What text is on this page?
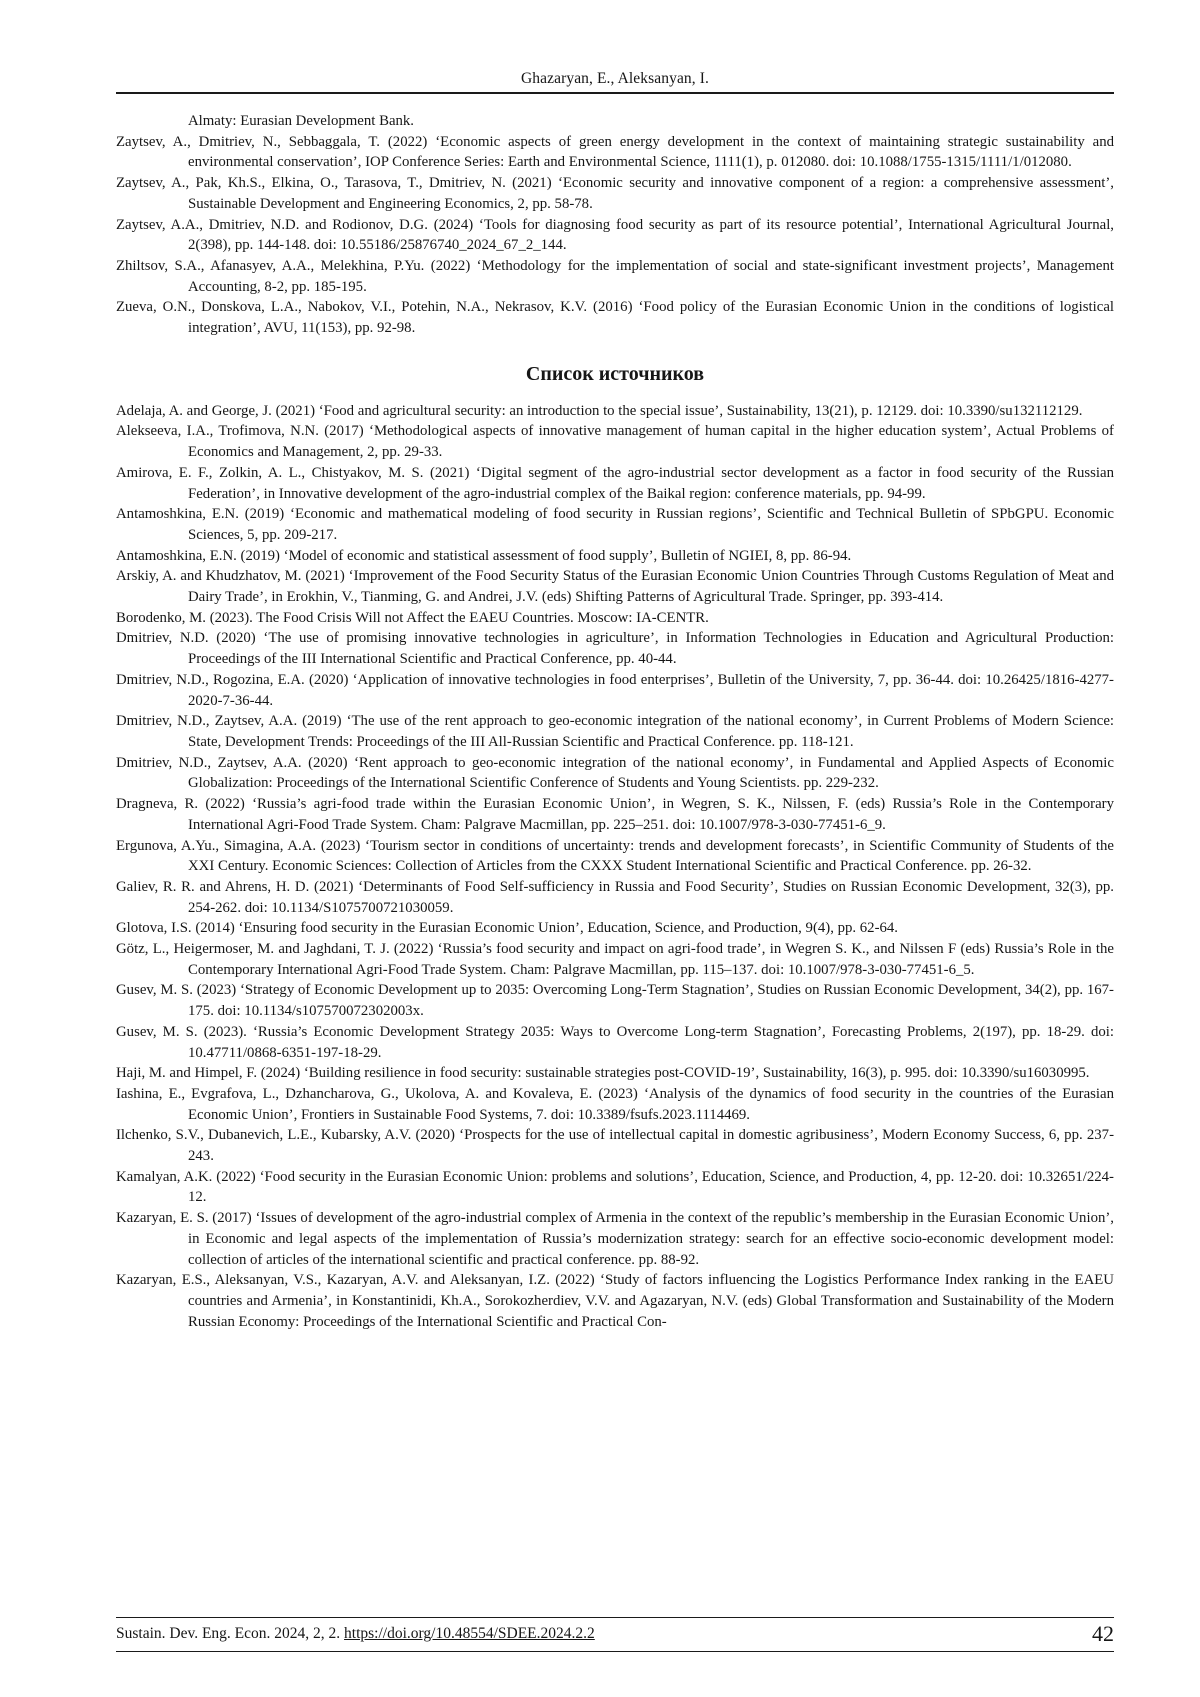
Ghazaryan, E., Aleksanyan, I.

Almaty: Eurasian Development Bank.

Zaytsev, A., Dmitriev, N., Sebbaggala, T. (2022) ‘Economic aspects of green energy development in the context of maintaining strategic sustainability and environmental conservation’, IOP Conference Series: Earth and Environmental Science, 1111(1), p. 012080. doi: 10.1088/1755-1315/1111/1/012080.

Zaytsev, A., Pak, Kh.S., Elkina, O., Tarasova, T., Dmitriev, N. (2021) ‘Economic security and innovative component of a region: a comprehensive assessment’, Sustainable Development and Engineering Economics, 2, pp. 58-78.

Zaytsev, A.A., Dmitriev, N.D. and Rodionov, D.G. (2024) ‘Tools for diagnosing food security as part of its resource potential’, International Agricultural Journal, 2(398), pp. 144-148. doi: 10.55186/25876740_2024_67_2_144.

Zhiltsov, S.A., Afanasyev, A.A., Melekhina, P.Yu. (2022) ‘Methodology for the implementation of social and state-significant investment projects’, Management Accounting, 8-2, pp. 185-195.

Zueva, O.N., Donskova, L.A., Nabokov, V.I., Potehin, N.A., Nekrasov, K.V. (2016) ‘Food policy of the Eurasian Economic Union in the conditions of logistical integration’, AVU, 11(153), pp. 92-98.

Список источников

Adelaja, A. and George, J. (2021) ‘Food and agricultural security: an introduction to the special issue’, Sustainability, 13(21), p. 12129. doi: 10.3390/su132112129.

Alekseeva, I.A., Trofimova, N.N. (2017) ‘Methodological aspects of innovative management of human capital in the higher education system’, Actual Problems of Economics and Management, 2, pp. 29-33.

Amirova, E. F., Zolkin, A. L., Chistyakov, M. S. (2021) ‘Digital segment of the agro-industrial sector development as a factor in food security of the Russian Federation’, in Innovative development of the agro-industrial complex of the Baikal region: conference materials, pp. 94-99.

Antamoshkina, E.N. (2019) ‘Economic and mathematical modeling of food security in Russian regions’, Scientific and Technical Bulletin of SPbGPU. Economic Sciences, 5, pp. 209-217.

Antamoshkina, E.N. (2019) ‘Model of economic and statistical assessment of food supply’, Bulletin of NGIEI, 8, pp. 86-94.

Arskiy, A. and Khudzhatov, M. (2021) ‘Improvement of the Food Security Status of the Eurasian Economic Union Countries Through Customs Regulation of Meat and Dairy Trade’, in Erokhin, V., Tianming, G. and Andrei, J.V. (eds) Shifting Patterns of Agricultural Trade. Springer, pp. 393-414.

Borodenko, M. (2023). The Food Crisis Will not Affect the EAEU Countries. Moscow: IA-CENTR.

Dmitriev, N.D. (2020) ‘The use of promising innovative technologies in agriculture’, in Information Technologies in Education and Agricultural Production: Proceedings of the III International Scientific and Practical Conference, pp. 40-44.

Dmitriev, N.D., Rogozina, E.A. (2020) ‘Application of innovative technologies in food enterprises’, Bulletin of the University, 7, pp. 36-44. doi: 10.26425/1816-4277-2020-7-36-44.

Dmitriev, N.D., Zaytsev, A.A. (2019) ‘The use of the rent approach to geo-economic integration of the national economy’, in Current Problems of Modern Science: State, Development Trends: Proceedings of the III All-Russian Scientific and Practical Conference. pp. 118-121.

Dmitriev, N.D., Zaytsev, A.A. (2020) ‘Rent approach to geo-economic integration of the national economy’, in Fundamental and Applied Aspects of Economic Globalization: Proceedings of the International Scientific Conference of Students and Young Scientists. pp. 229-232.

Dragneva, R. (2022) ‘Russia’s agri-food trade within the Eurasian Economic Union’, in Wegren, S. K., Nilssen, F. (eds) Russia’s Role in the Contemporary International Agri-Food Trade System. Cham: Palgrave Macmillan, pp. 225–251. doi: 10.1007/978-3-030-77451-6_9.

Ergunova, A.Yu., Simagina, A.A. (2023) ‘Tourism sector in conditions of uncertainty: trends and development forecasts’, in Scientific Community of Students of the XXI Century. Economic Sciences: Collection of Articles from the CXXX Student International Scientific and Practical Conference. pp. 26-32.

Galiev, R. R. and Ahrens, H. D. (2021) ‘Determinants of Food Self-sufficiency in Russia and Food Security’, Studies on Russian Economic Development, 32(3), pp. 254-262. doi: 10.1134/S1075700721030059.

Glotova, I.S. (2014) ‘Ensuring food security in the Eurasian Economic Union’, Education, Science, and Production, 9(4), pp. 62-64.

Götz, L., Heigermoser, M. and Jaghdani, T. J. (2022) ‘Russia’s food security and impact on agri-food trade’, in Wegren S. K., and Nilssen F (eds) Russia’s Role in the Contemporary International Agri-Food Trade System. Cham: Palgrave Macmillan, pp. 115–137. doi: 10.1007/978-3-030-77451-6_5.

Gusev, M. S. (2023) ‘Strategy of Economic Development up to 2035: Overcoming Long-Term Stagnation’, Studies on Russian Economic Development, 34(2), pp. 167-175. doi: 10.1134/s107570072302003x.

Gusev, M. S. (2023). ‘Russia’s Economic Development Strategy 2035: Ways to Overcome Long-term Stagnation’, Forecasting Problems, 2(197), pp. 18-29. doi: 10.47711/0868-6351-197-18-29.

Haji, M. and Himpel, F. (2024) ‘Building resilience in food security: sustainable strategies post-COVID-19’, Sustainability, 16(3), p. 995. doi: 10.3390/su16030995.

Iashina, E., Evgrafova, L., Dzhancharova, G., Ukolova, A. and Kovaleva, E. (2023) ‘Analysis of the dynamics of food security in the countries of the Eurasian Economic Union’, Frontiers in Sustainable Food Systems, 7. doi: 10.3389/fsufs.2023.1114469.

Ilchenko, S.V., Dubanevich, L.E., Kubarsky, A.V. (2020) ‘Prospects for the use of intellectual capital in domestic agribusiness’, Modern Economy Success, 6, pp. 237-243.

Kamalyan, A.K. (2022) ‘Food security in the Eurasian Economic Union: problems and solutions’, Education, Science, and Production, 4, pp. 12-20. doi: 10.32651/224-12.

Kazaryan, E. S. (2017) ‘Issues of development of the agro-industrial complex of Armenia in the context of the republic’s membership in the Eurasian Economic Union’, in Economic and legal aspects of the implementation of Russia’s modernization strategy: search for an effective socio-economic development model: collection of articles of the international scientific and practical conference. pp. 88-92.

Kazaryan, E.S., Aleksanyan, V.S., Kazaryan, A.V. and Aleksanyan, I.Z. (2022) ‘Study of factors influencing the Logistics Performance Index ranking in the EAEU countries and Armenia’, in Konstantinidi, Kh.A., Sorokozherdiev, V.V. and Agazaryan, N.V. (eds) Global Transformation and Sustainability of the Modern Russian Economy: Proceedings of the International Scientific and Practical Con-

Sustain. Dev. Eng. Econ. 2024, 2, 2. https://doi.org/10.48554/SDEE.2024.2.2	42
